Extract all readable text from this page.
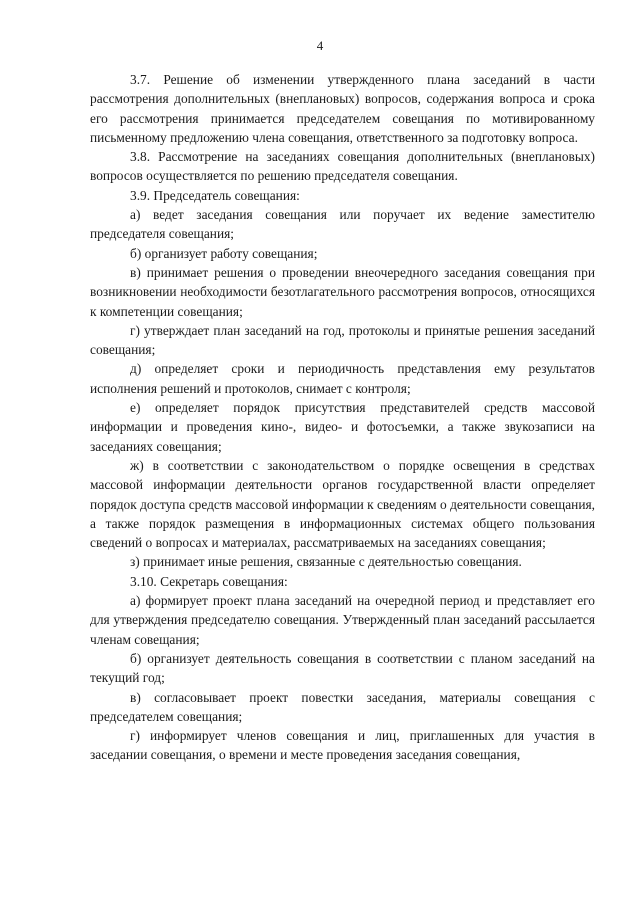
4

3.7. Решение об изменении утвержденного плана заседаний в части рассмотрения дополнительных (внеплановых) вопросов, содержания вопроса и срока его рассмотрения принимается председателем совещания по мотивированному письменному предложению члена совещания, ответственного за подготовку вопроса.

3.8. Рассмотрение на заседаниях совещания дополнительных (внеплановых) вопросов осуществляется по решению председателя совещания.

3.9. Председатель совещания:

а) ведет заседания совещания или поручает их ведение заместителю председателя совещания;

б) организует работу совещания;

в) принимает решения о проведении внеочередного заседания совещания при возникновении необходимости безотлагательного рассмотрения вопросов, относящихся к компетенции совещания;

г) утверждает план заседаний на год, протоколы и принятые решения заседаний совещания;

д) определяет сроки и периодичность представления ему результатов исполнения решений и протоколов, снимает с контроля;

е) определяет порядок присутствия представителей средств массовой информации и проведения кино-, видео- и фотосъемки, а также звукозаписи на заседаниях совещания;

ж) в соответствии с законодательством о порядке освещения в средствах массовой информации деятельности органов государственной власти определяет порядок доступа средств массовой информации к сведениям о деятельности совещания, а также порядок размещения в информационных системах общего пользования сведений о вопросах и материалах, рассматриваемых на заседаниях совещания;

з) принимает иные решения, связанные с деятельностью совещания.

3.10. Секретарь совещания:

а) формирует проект плана заседаний на очередной период и представляет его для утверждения председателю совещания. Утвержденный план заседаний рассылается членам совещания;

б) организует деятельность совещания в соответствии с планом заседаний на текущий год;

в) согласовывает проект повестки заседания, материалы совещания с председателем совещания;

г) информирует членов совещания и лиц, приглашенных для участия в заседании совещания, о времени и месте проведения заседания совещания,
